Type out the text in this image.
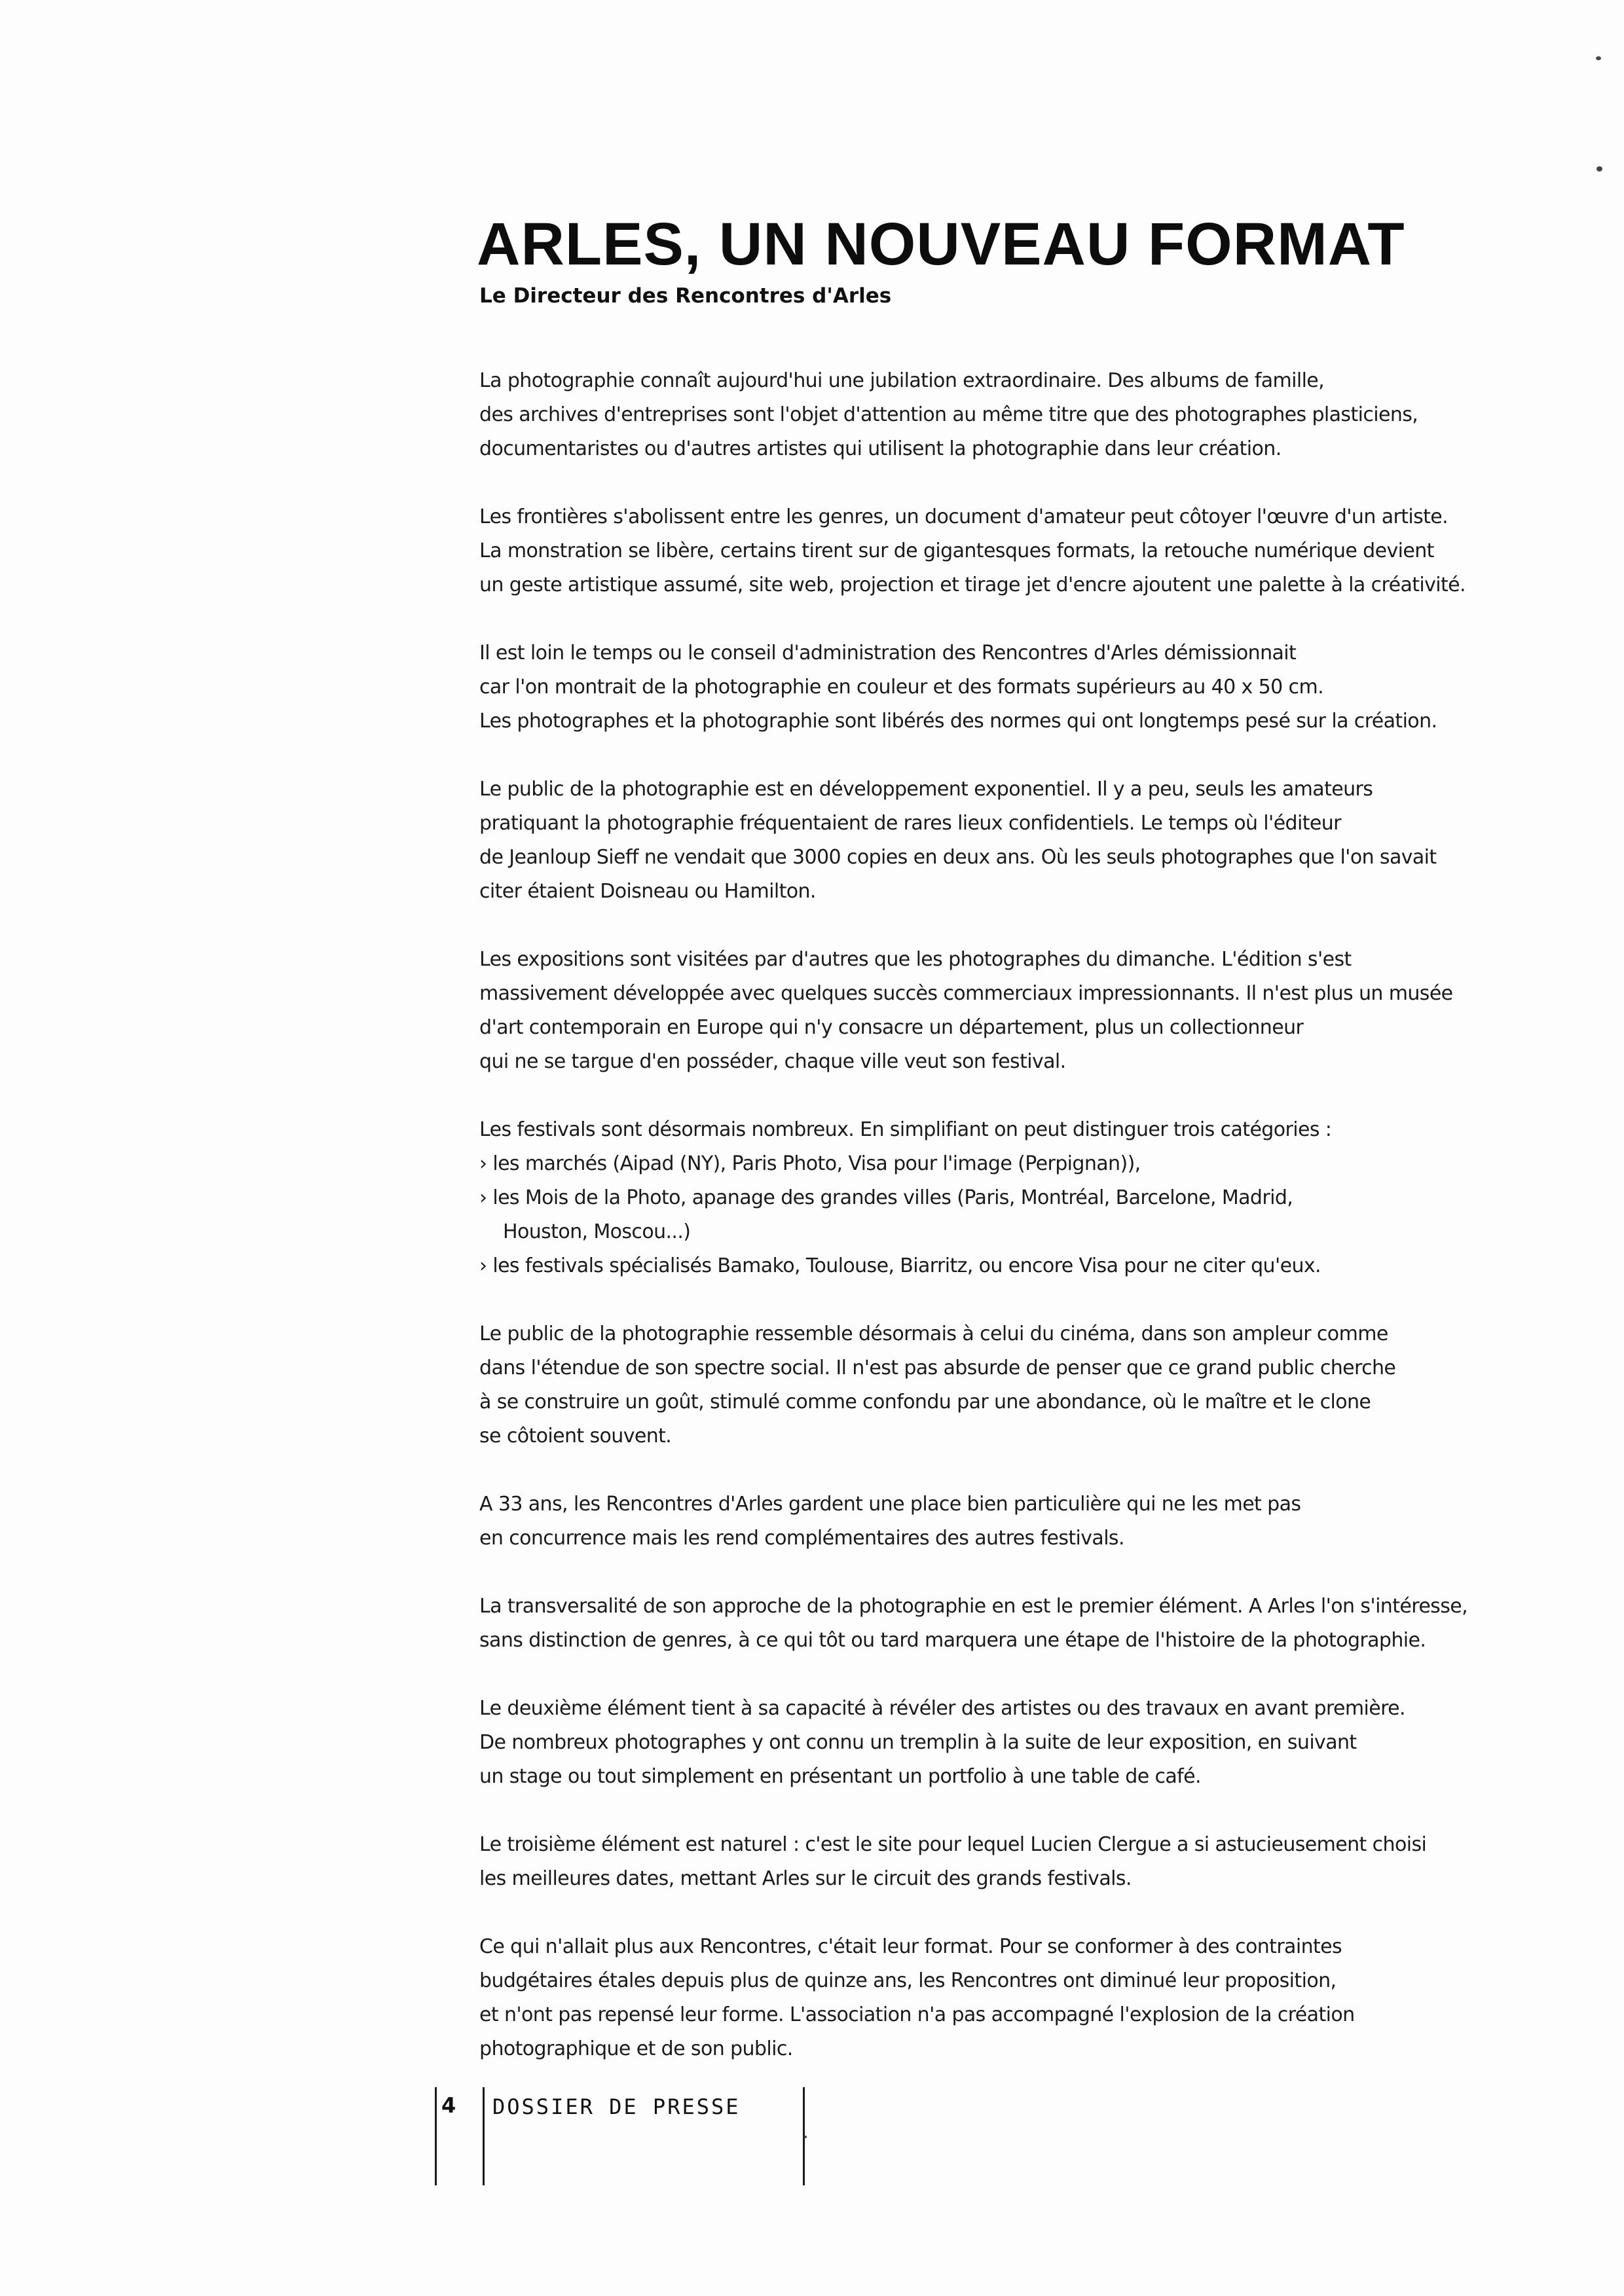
ARLES, UN NOUVEAU FORMAT
Le Directeur des Rencontres d'Arles
La photographie connaît aujourd'hui une jubilation extraordinaire. Des albums de famille,
des archives d'entreprises sont l'objet d'attention au même titre que des photographes plasticiens,
documentaristes ou d'autres artistes qui utilisent la photographie dans leur création.
Les frontières s'abolissent entre les genres, un document d'amateur peut côtoyer l'œuvre d'un artiste.
La monstration se libère, certains tirent sur de gigantesques formats, la retouche numérique devient
un geste artistique assumé, site web, projection et tirage jet d'encre ajoutent une palette à la créativité.
Il est loin le temps ou le conseil d'administration des Rencontres d'Arles démissionnait
car l'on montrait de la photographie en couleur et des formats supérieurs au 40 x 50 cm.
Les photographes et la photographie sont libérés des normes qui ont longtemps pesé sur la création.
Le public de la photographie est en développement exponentiel. Il y a peu, seuls les amateurs
pratiquant la photographie fréquentaient de rares lieux confidentiels. Le temps où l'éditeur
de Jeanloup Sieff ne vendait que 3000 copies en deux ans. Où les seuls photographes que l'on savait
citer étaient Doisneau ou Hamilton.
Les expositions sont visitées par d'autres que les photographes du dimanche. L'édition s'est
massivement développée avec quelques succès commerciaux impressionnants. Il n'est plus un musée
d'art contemporain en Europe qui n'y consacre un département, plus un collectionneur
qui ne se targue d'en posséder, chaque ville veut son festival.
Les festivals sont désormais nombreux. En simplifiant on peut distinguer trois catégories :
› les marchés (Aipad (NY), Paris Photo, Visa pour l'image (Perpignan)),
› les Mois de la Photo, apanage des grandes villes (Paris, Montréal, Barcelone, Madrid,
Houston, Moscou...)
› les festivals spécialisés Bamako, Toulouse, Biarritz, ou encore Visa pour ne citer qu'eux.
Le public de la photographie ressemble désormais à celui du cinéma, dans son ampleur comme
dans l'étendue de son spectre social. Il n'est pas absurde de penser que ce grand public cherche
à se construire un goût, stimulé comme confondu par une abondance, où le maître et le clone
se côtoient souvent.
A 33 ans, les Rencontres d'Arles gardent une place bien particulière qui ne les met pas
en concurrence mais les rend complémentaires des autres festivals.
La transversalité de son approche de la photographie en est le premier élément. A Arles l'on s'intéresse,
sans distinction de genres, à ce qui tôt ou tard marquera une étape de l'histoire de la photographie.
Le deuxième élément tient à sa capacité à révéler des artistes ou des travaux en avant première.
De nombreux photographes y ont connu un tremplin à la suite de leur exposition, en suivant
un stage ou tout simplement en présentant un portfolio à une table de café.
Le troisième élément est naturel : c'est le site pour lequel Lucien Clergue a si astucieusement choisi
les meilleures dates, mettant Arles sur le circuit des grands festivals.
Ce qui n'allait plus aux Rencontres, c'était leur format. Pour se conformer à des contraintes
budgétaires étales depuis plus de quinze ans, les Rencontres ont diminué leur proposition,
et n'ont pas repensé leur forme. L'association n'a pas accompagné l'explosion de la création
photographique et de son public.
4 DOSSIER DE PRESSE
